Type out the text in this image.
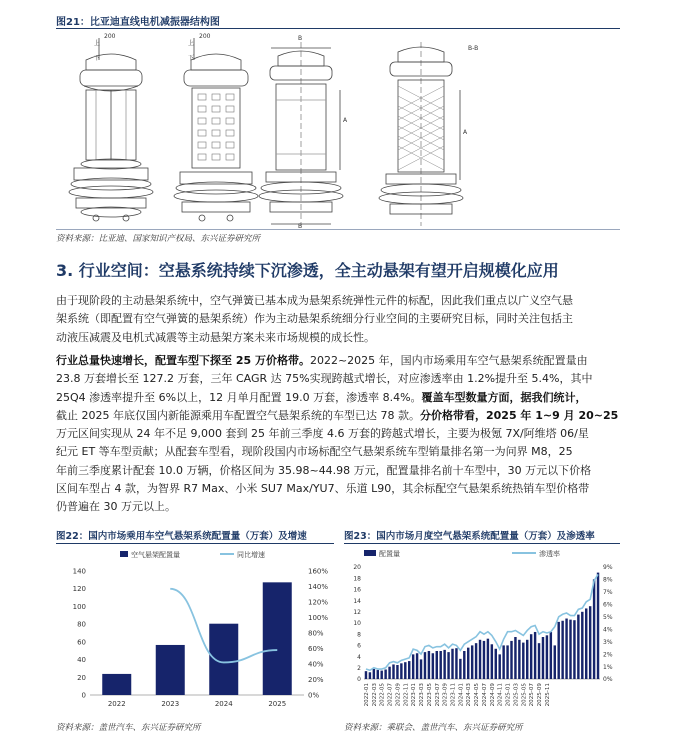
图21：比亚迪直线电机减振器结构图
200
上
下
200
上
下
B
B
A
B-B
A
资料来源：比亚迪、国家知识产权局、东兴证券研究所
3. 行业空间：空悬系统持续下沉渗透，全主动悬架有望开启规模化应用
由于现阶段的主动悬架系统中，空气弹簧已基本成为悬架系统弹性元件的标配，因此我们重点以广义空气悬
架系统（即配置有空气弹簧的悬架系统）作为主动悬架系统细分行业空间的主要研究目标，同时关注包括主
动液压减震及电机式减震等主动悬架方案未来市场规模的成长性。
行业总量快速增长，配置车型下探至 25 万价格带。2022~2025 年，国内市场乘用车空气悬架系统配置量由
23.8 万套增长至 127.2 万套，三年 CAGR 达 75%实现跨越式增长，对应渗透率由 1.2%提升至 5.4%，其中
25Q4 渗透率提升至 6%以上，12 月单月配置 19.0 万套，渗透率 8.4%。覆盖车型数量方面，据我们统计，
截止 2025 年底仅国内新能源乘用车配置空气悬架系统的车型已达 78 款。分价格带看，2025 年 1~9 月 20~25
万元区间实现从 24 年不足 9,000 套到 25 年前三季度 4.6 万套的跨越式增长，主要为极氪 7X/阿维塔 06/星
纪元 ET 等车型贡献；从配套车型看，现阶段国内市场标配空气悬架系统车型销量排名第一为问界 M8，25
年前三季度累计配套 10.0 万辆，价格区间为 35.98~44.98 万元，配置量排名前十车型中，30 万元以下价格
区间车型占 4 款，为智界 R7 Max、小米 SU7 Max/YU7、乐道 L90，其余标配空气悬架系统热销车型价格带
仍普遍在 30 万元以上。
图22：国内市场乘用车空气悬架系统配置量（万套）及增速
空气悬架配置量	同比增速
0
20
40
60
80
100
120
140
0%
20%
40%
60%
80%
100%
120%
140%
160%
2022	2023	2024	2025
资料来源：盖世汽车、东兴证券研究所
图23：国内市场月度空气悬架系统配置量（万套）及渗透率
配置量	渗透率
0
2
4
6
8
10
12
14
16
18
20
0%
1%
2%
3%
4%
5%
6%
7%
8%
9%
2022-01 2022-03 2022-05 2022-07 2022-09 2022-11 2023-01 2023-03 2023-05 2023-07 2023-09 2023-11 2024-01 2024-03 2024-05 2024-07 2024-09 2024-11 2025-01 2025-03 2025-05 2025-07 2025-09 2025-11
资料来源：乘联会、盖世汽车、东兴证券研究所
